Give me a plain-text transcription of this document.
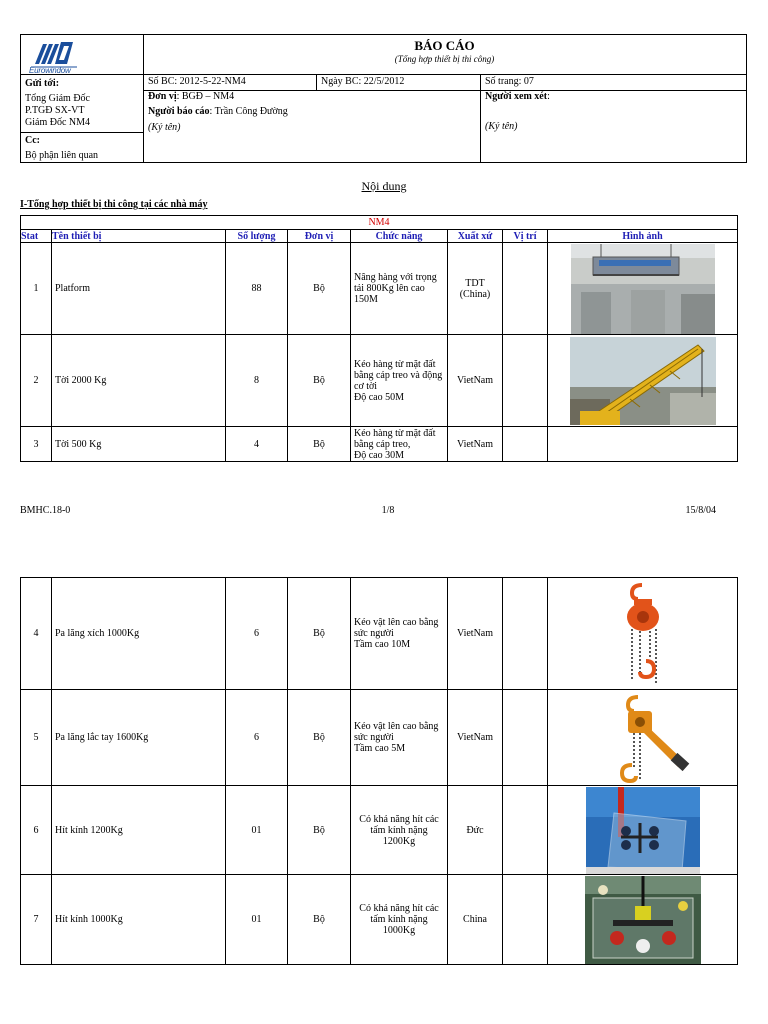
Eurowindow
BÁO CÁO
(Tổng hợp thiết bị thi công)
Số BC: 2012-5-22-NM4	Ngày BC: 22/5/2012	Số trang: 07
Gửi tới:
Tổng Giám Đốc
P.TGĐ SX-VT
Giám Đốc NM4
Cc:
Bộ phận liên quan
Đơn vị: BGĐ – NM4
Người báo cáo: Trần Công Đường
(Ký tên)
Người xem xét:
(Ký tên)
Nội dung
I-Tổng hợp thiết bị thi công tại các nhà máy
NM4							
Stat	Tên thiết bị	Số lượng	Đơn vị	Chức năng	Xuất xứ	Vị trí	Hình ảnh
1	Platform	88	Bộ	Nâng hàng với trọng tải 800Kg lên cao 150M	TDT (China)		

2	Tời 2000 Kg	8	Bộ	Kéo hàng từ mặt đất bằng cáp treo và động cơ tời
Độ cao 50M	VietNam		

3	Tời 500 Kg	4	Bộ	Kéo hàng từ mặt đất bằng cáp treo,
Độ cao 30M	VietNam		
BMHC.18-0	1/8	15/8/04
4	Pa lăng xích 1000Kg	6	Bộ	Kéo vật lên cao bằng sức người
Tầm cao 10M	VietNam		

5	Pa lăng lắc tay 1600Kg	6	Bộ	Kéo vật lên cao bằng sức người
Tầm cao 5M	VietNam		

6	Hít kính 1200Kg	01	Bộ	Có khả năng hít các tấm kính nặng 1200Kg	Đức		

7	Hít kính 1000Kg	01	Bộ	Có khả năng hít các tấm kính nặng 1000Kg	China		
